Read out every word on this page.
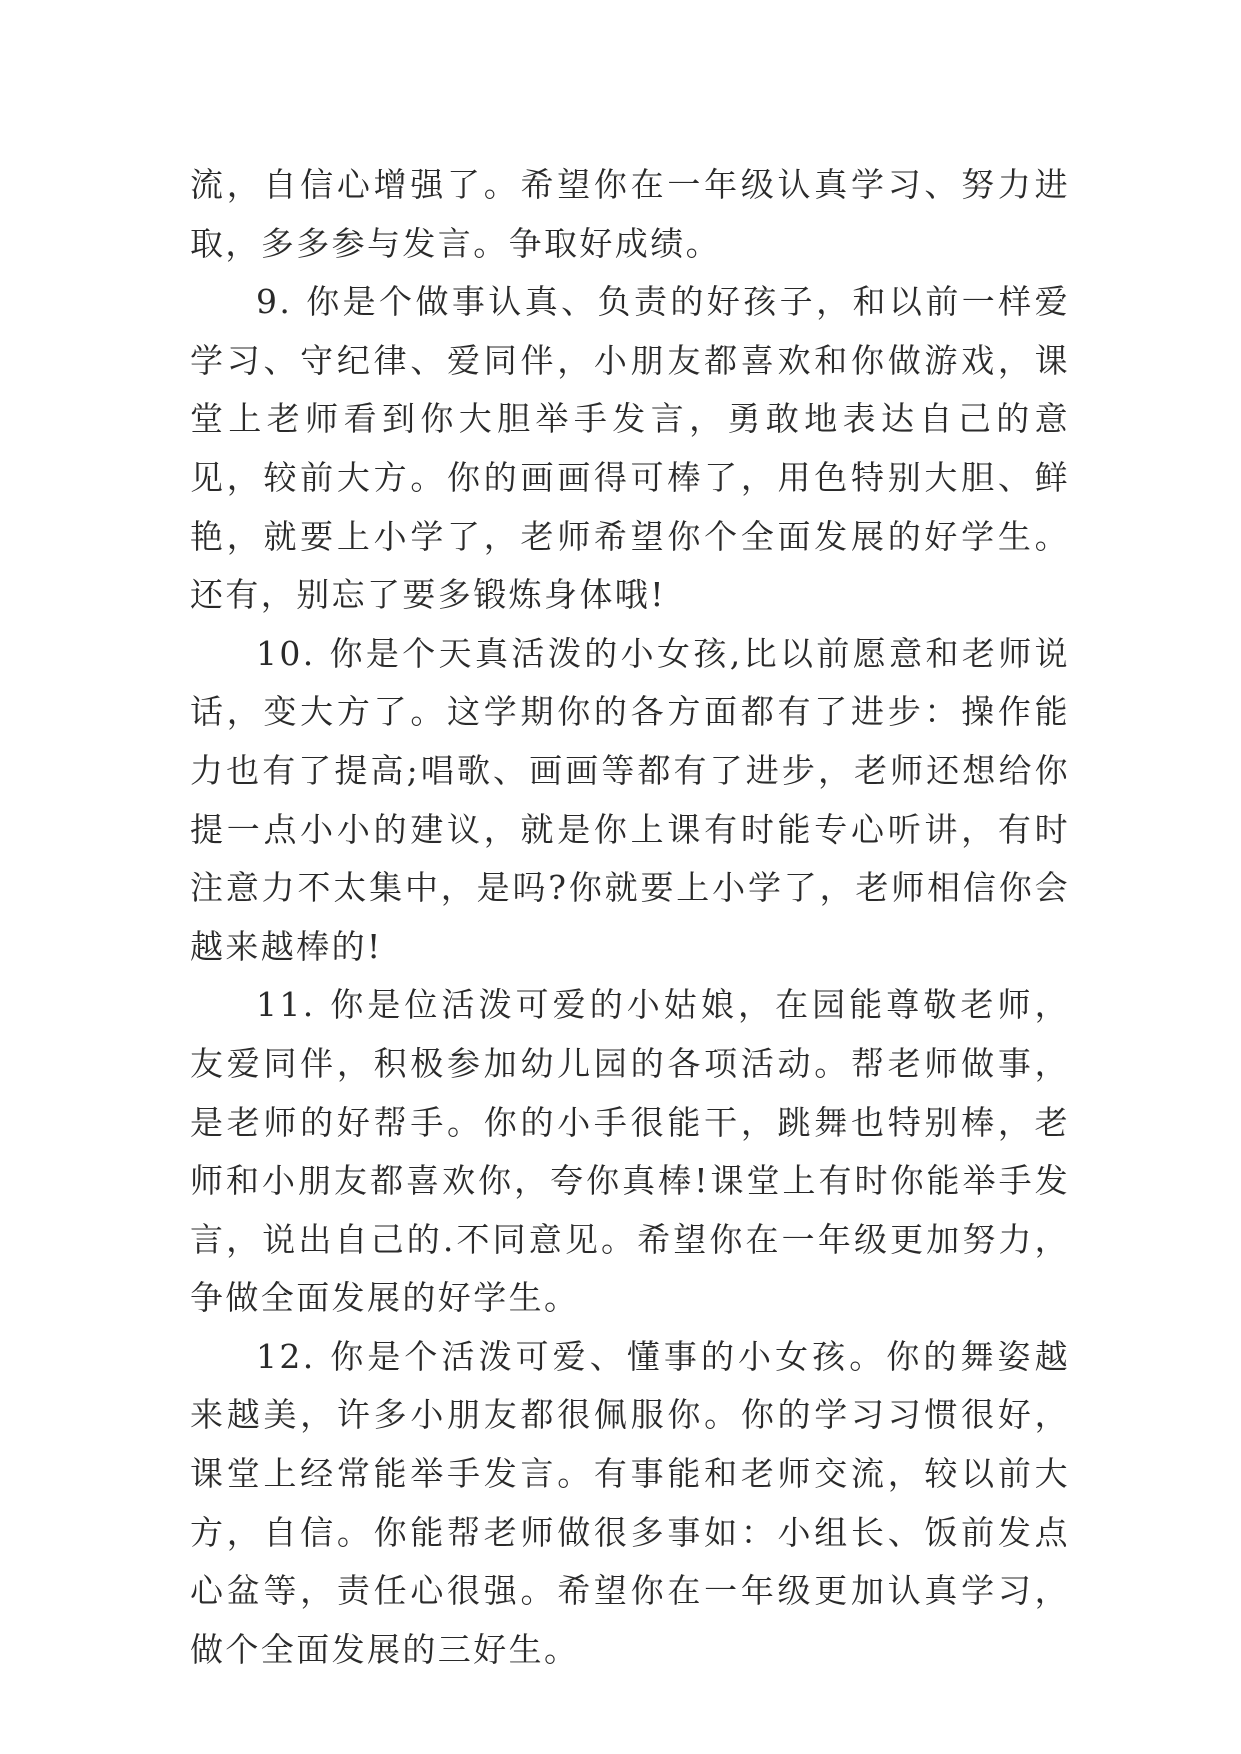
流，自信心增强了。希望你在一年级认真学习、努力进取，多多参与发言。争取好成绩。

9. 你是个做事认真、负责的好孩子，和以前一样爱学习、守纪律、爱同伴，小朋友都喜欢和你做游戏，课堂上老师看到你大胆举手发言，勇敢地表达自己的意见，较前大方。你的画画得可棒了，用色特别大胆、鲜艳，就要上小学了，老师希望你个全面发展的好学生。还有，别忘了要多锻炼身体哦!

10. 你是个天真活泼的小女孩,比以前愿意和老师说话，变大方了。这学期你的各方面都有了进步：操作能力也有了提高;唱歌、画画等都有了进步，老师还想给你提一点小小的建议，就是你上课有时能专心听讲，有时注意力不太集中，是吗?你就要上小学了，老师相信你会越来越棒的!

11. 你是位活泼可爱的小姑娘，在园能尊敬老师，友爱同伴，积极参加幼儿园的各项活动。帮老师做事，是老师的好帮手。你的小手很能干，跳舞也特别棒，老师和小朋友都喜欢你，夸你真棒!课堂上有时你能举手发言，说出自己的.不同意见。希望你在一年级更加努力，争做全面发展的好学生。

12. 你是个活泼可爱、懂事的小女孩。你的舞姿越来越美，许多小朋友都很佩服你。你的学习习惯很好，课堂上经常能举手发言。有事能和老师交流，较以前大方，自信。你能帮老师做很多事如：小组长、饭前发点心盆等，责任心很强。希望你在一年级更加认真学习，做个全面发展的三好生。
